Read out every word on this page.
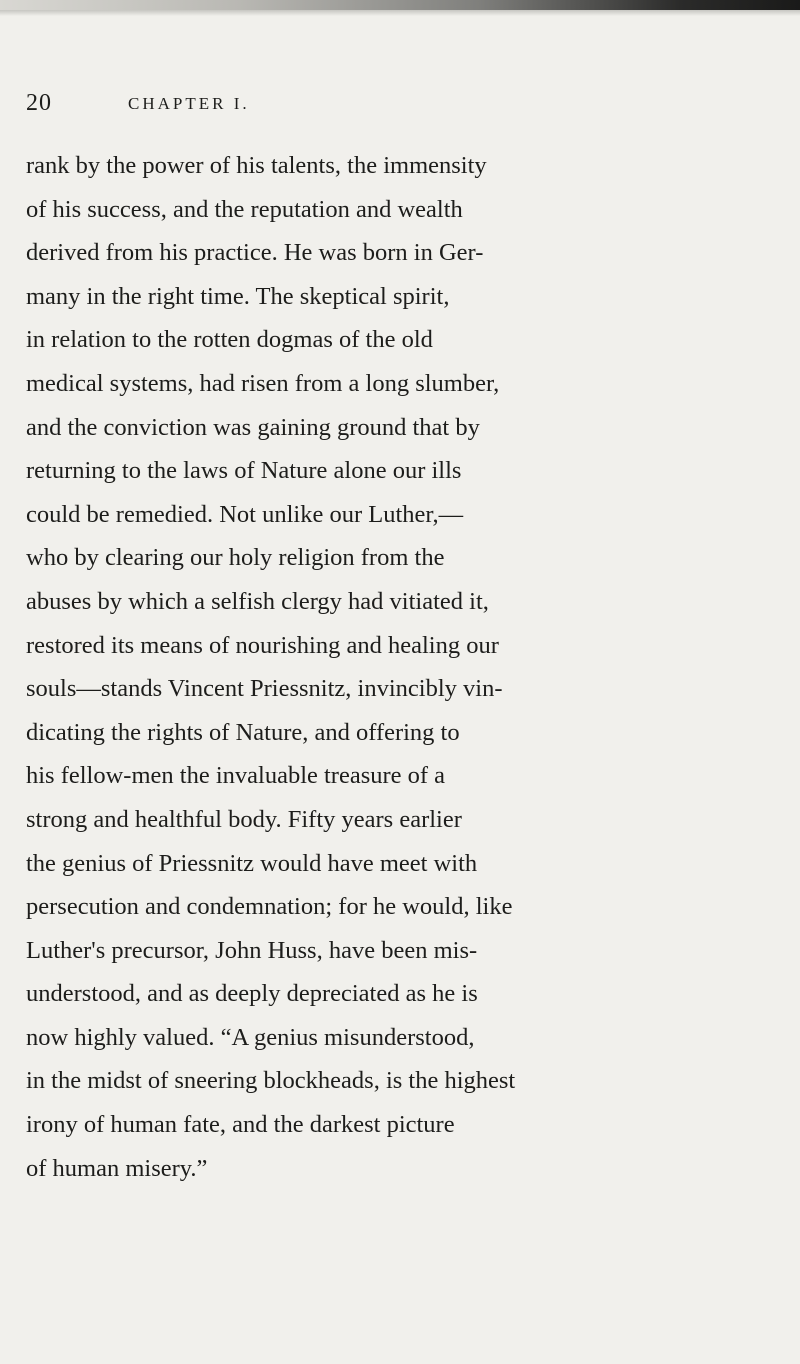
20	CHAPTER I.
rank by the power of his talents, the immensity
of his success, and the reputation and wealth
derived from his practice. He was born in Ger-
many in the right time. The skeptical spirit,
in relation to the rotten dogmas of the old
medical systems, had risen from a long slumber,
and the conviction was gaining ground that by
returning to the laws of Nature alone our ills
could be remedied. Not unlike our Luther,—
who by clearing our holy religion from the
abuses by which a selfish clergy had vitiated it,
restored its means of nourishing and healing our
souls—stands Vincent Priessnitz, invincibly vin-
dicating the rights of Nature, and offering to
his fellow-men the invaluable treasure of a
strong and healthful body. Fifty years earlier
the genius of Priessnitz would have meet with
persecution and condemnation; for he would, like
Luther's precursor, John Huss, have been mis-
understood, and as deeply depreciated as he is
now highly valued. “A genius misunderstood,
in the midst of sneering blockheads, is the highest
irony of human fate, and the darkest picture
of human misery.”
